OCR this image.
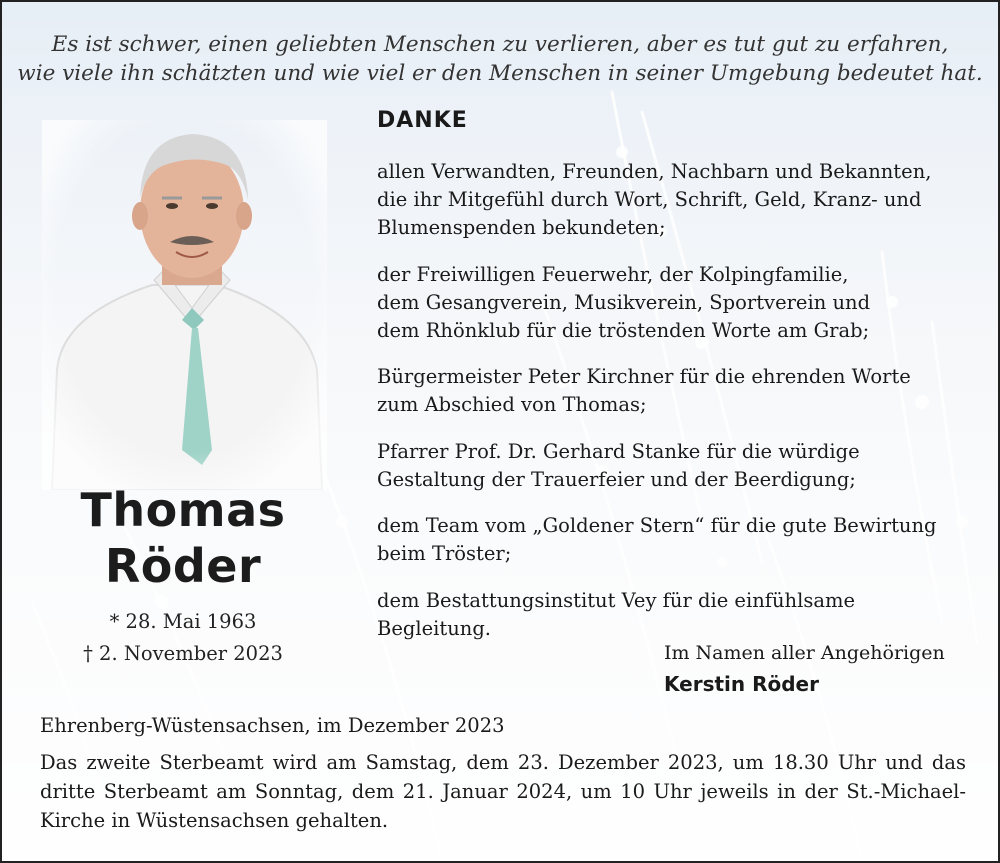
Es ist schwer, einen geliebten Menschen zu verlieren, aber es tut gut zu erfahren,
wie viele ihn schätzten und wie viel er den Menschen in seiner Umgebung bedeutet hat.
Thomas
Röder
* 28. Mai 1963
† 2. November 2023
DANKE
allen Verwandten, Freunden, Nachbarn und Bekannten,
die ihr Mitgefühl durch Wort, Schrift, Geld, Kranz- und
Blumenspenden bekundeten;
der Freiwilligen Feuerwehr, der Kolpingfamilie,
dem Gesangverein, Musikverein, Sportverein und
dem Rhönklub für die tröstenden Worte am Grab;
Bürgermeister Peter Kirchner für die ehrenden Worte
zum Abschied von Thomas;
Pfarrer Prof. Dr. Gerhard Stanke für die würdige
Gestaltung der Trauerfeier und der Beerdigung;
dem Team vom „Goldener Stern“ für die gute Bewirtung
beim Tröster;
dem Bestattungsinstitut Vey für die einfühlsame
Begleitung.
Im Namen aller Angehörigen
Kerstin Röder
Ehrenberg-Wüstensachsen, im Dezember 2023
Das zweite Sterbeamt wird am Samstag, dem 23. Dezember 2023, um 18.30 Uhr und das dritte Sterbeamt am Sonntag, dem 21. Januar 2024, um 10 Uhr jeweils in der St.-Michael-Kirche in Wüstensachsen gehalten.
